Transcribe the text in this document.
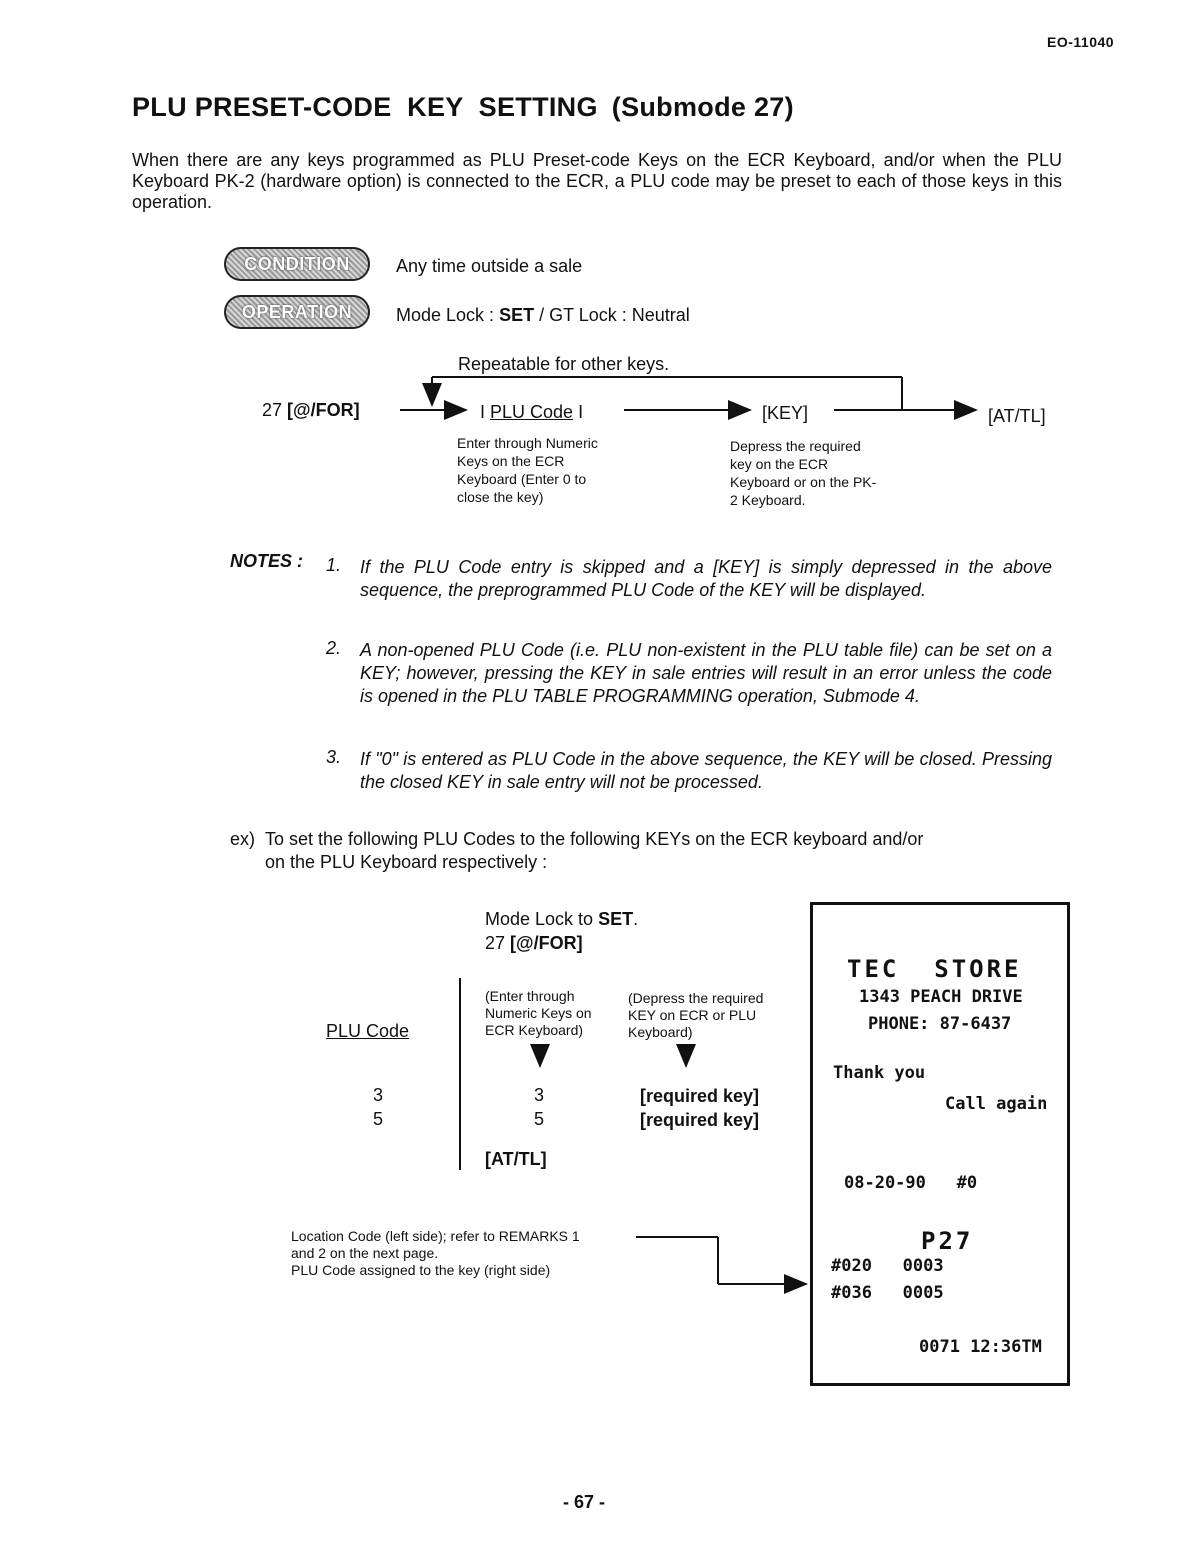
EO-11040
PLU PRESET-CODE  KEY  SETTING (Submode 27)
When there are any keys programmed as PLU Preset-code Keys on the ECR Keyboard, and/or when the PLU Keyboard PK-2 (hardware option) is connected to the ECR, a PLU code may be preset to each of those keys in this operation.
CONDITION	Any time outside a sale
OPERATION	Mode Lock : SET / GT Lock : Neutral
Repeatable for other keys.
27 [@/FOR]	I PLU Code I	[KEY]	[AT/TL]
Enter through Numeric
Keys on the ECR
Keyboard (Enter 0 to
close the key)
Depress the required
key on the ECR
Keyboard or on the PK-
2 Keyboard.
NOTES : 1. If the PLU Code entry is skipped and a [KEY] is simply depressed in the above sequence, the preprogrammed PLU Code of the KEY will be displayed.
2. A non-opened PLU Code (i.e. PLU non-existent in the PLU table file) can be set on a KEY; however, pressing the KEY in sale entries will result in an error unless the code is opened in the PLU TABLE PROGRAMMING operation, Submode 4.
3. If "0" is entered as PLU Code in the above sequence, the KEY will be closed. Pressing the closed KEY in sale entry will not be processed.
ex) To set the following PLU Codes to the following KEYs on the ECR keyboard and/or
on the PLU Keyboard respectively :
Mode Lock to SET.
27 [@/FOR]
PLU Code
(Enter through
Numeric Keys on
ECR Keyboard)
(Depress the required
KEY on ECR or PLU
Keyboard)
3	3	[required key]
5	5	[required key]
[AT/TL]
Location Code (left side); refer to REMARKS 1
and 2 on the next page.
PLU Code assigned to the key (right side)
TEC  STORE
1343 PEACH DRIVE
PHONE: 87-6437
Thank you
Call again
08-20-90   #0
P27
#020   0003
#036   0005
0071 12:36TM
- 67 -
